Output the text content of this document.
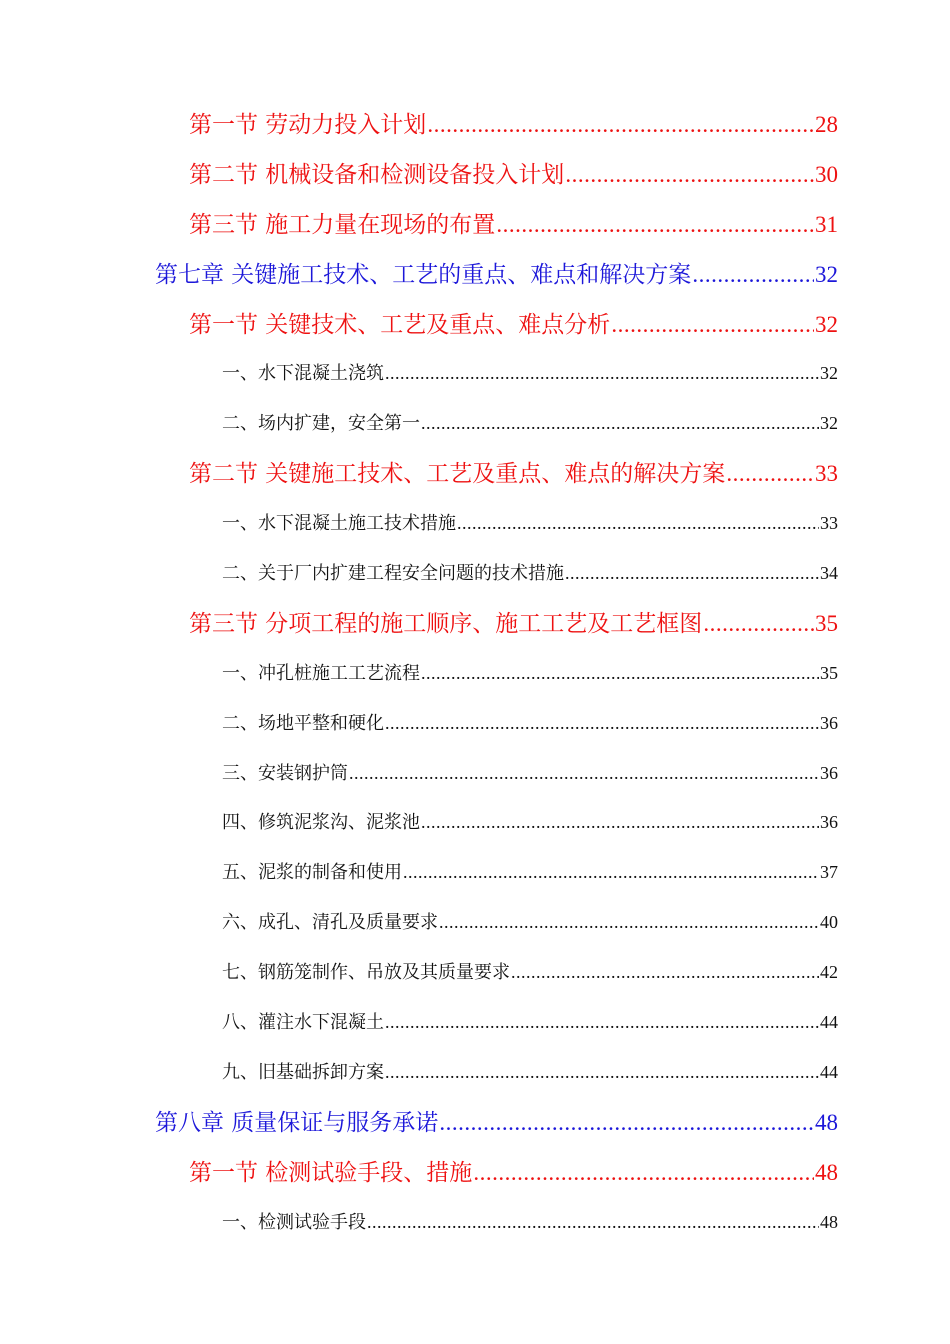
第一节 劳动力投入计划 .....	28
第二节 机械设备和检测设备投入计划 .....	30
第三节 施工力量在现场的布置 .....	31
第七章 关键施工技术、工艺的重点、难点和解决方案 .....	32
第一节 关键技术、工艺及重点、难点分析 .....	32
一、水下混凝土浇筑 .....	32
二、场内扩建，安全第一 .....	32
第二节 关键施工技术、工艺及重点、难点的解决方案 .....	33
一、水下混凝土施工技术措施 .....	33
二、关于厂内扩建工程安全问题的技术措施 .....	34
第三节 分项工程的施工顺序、施工工艺及工艺框图 .....	35
一、冲孔桩施工工艺流程 .....	35
二、场地平整和硬化 .....	36
三、安装钢护筒 .....	36
四、修筑泥浆沟、泥浆池 .....	36
五、泥浆的制备和使用 .....	37
六、成孔、清孔及质量要求 .....	40
七、钢筋笼制作、吊放及其质量要求 .....	42
八、灌注水下混凝土 .....	44
九、旧基础拆卸方案 .....	44
第八章 质量保证与服务承诺 .....	48
第一节 检测试验手段、措施 .....	48
一、检测试验手段 .....	48
